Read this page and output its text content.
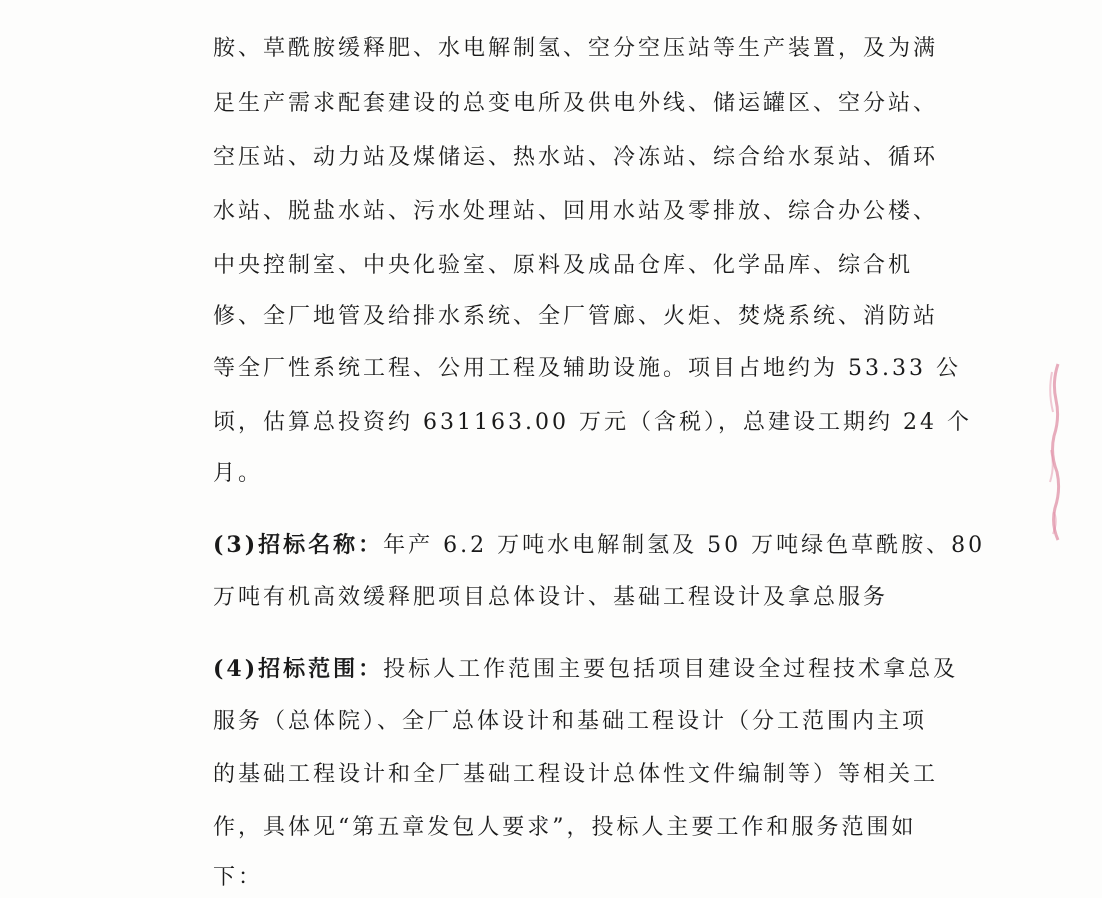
胺、草酰胺缓释肥、水电解制氢、空分空压站等生产装置，及为满
足生产需求配套建设的总变电所及供电外线、储运罐区、空分站、
空压站、动力站及煤储运、热水站、冷冻站、综合给水泵站、循环
水站、脱盐水站、污水处理站、回用水站及零排放、综合办公楼、
中央控制室、中央化验室、原料及成品仓库、化学品库、综合机
修、全厂地管及给排水系统、全厂管廊、火炬、焚烧系统、消防站
等全厂性系统工程、公用工程及辅助设施。项目占地约为 53.33 公
顷，估算总投资约 631163.00 万元（含税），总建设工期约 24 个
月。
(3)招标名称：年产 6.2 万吨水电解制氢及 50 万吨绿色草酰胺、80
万吨有机高效缓释肥项目总体设计、基础工程设计及拿总服务
(4)招标范围：投标人工作范围主要包括项目建设全过程技术拿总及
服务（总体院）、全厂总体设计和基础工程设计（分工范围内主项
的基础工程设计和全厂基础工程设计总体性文件编制等）等相关工
作，具体见“第五章发包人要求”，投标人主要工作和服务范围如
下：
